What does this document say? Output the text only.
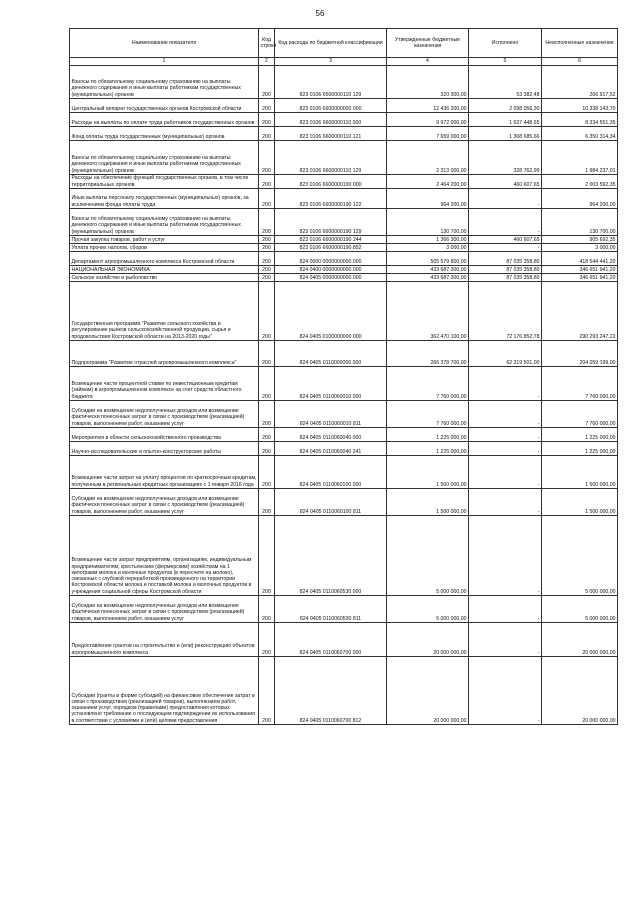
56
Наименование показателя	Код строки	Код расхода по бюджетной классификации	Утвержденные бюджетные назначения	Исполнено	Неисполненные назначения
1	2	3	4	5	6
Взносы по обязательному социальному страхованию на выплаты денежного содержания и иные выплаты работникам государственных (муниципальных) органов	200	823 0106 6500000110 129	320 300,00	53 382,48	266 917,52
Центральный аппарат государственных органов Костромской области	200	823 0106 6600000000 000	12 436 200,00	2 098 056,30	10 338 143,70
Расходы на выплаты по оплате труда работников государственных органов	200	823 0106 6600000110 000	9 972 000,00	1 637 448,65	8 334 551,35
Фонд оплаты труда государственных (муниципальных) органов	200	823 0106 6600000110 121	7 659 000,00	1 308 685,66	6 350 314,34
Взносы по обязательному социальному страхованию на выплаты денежного содержания и иные выплаты работникам государственных (муниципальных) органов	200	823 0106 6600000110 129	2 313 000,00	328 762,99	1 984 237,01
Расходы на обеспечение функций государственных органов, в том числе территориальных органов	200	823 0106 6600000190 000	2 464 200,00	460 607,65	2 003 592,35
Иные выплаты персоналу государственных (муниципальных) органов, за исключением фонда оплаты труда	200	823 0106 6600000190 122	964 200,00	-	964 200,00
Взносы по обязательному социальному страхованию на выплаты денежного содержания и иные выплаты работникам государственных (муниципальных) органов	200	823 0106 6600000190 129	130 700,00	-	130 700,00
Прочая закупка товаров, работ и услуг	200	823 0106 6600000190 244	1 366 300,00	460 607,65	905 692,35
Уплата прочих налогов, сборов	200	823 0106 6600000190 852	3 000,00	-	3 000,00
Департамент агропромышленного комплекса Костромской области	200	824 0000 0000000000 000	505 579 800,00	87 035 358,80	418 544 441,20
НАЦИОНАЛЬНАЯ ЭКОНОМИКА	200	824 0400 0000000000 000	433 687 300,00	87 035 358,80	346 651 941,20
Сельское хозяйство и рыболовство	200	824 0405 0000000000 000	433 687 300,00	87 035 358,80	346 651 941,20
Государственная программа "Развитие сельского хозяйства и регулирование рынков сельскохозяйственной продукции, сырья и продовольствия Костромской области на 2013-2020 годы"	200	824 0405 0100000000 000	362 470 100,00	72 176 852,78	290 293 247,22
Подпрограмма "Развитие отраслей агропромышленного комплекса"	200	824 0405 0110000000 000	266 378 700,00	62 319 501,00	204 059 199,00
Возмещение части процентной ставки по инвестиционным кредитам (займам) в агропромышленном комплексе за счет средств областного бюджета	200	824 0405 0110060010 000	7 760 000,00	-	7 760 000,00
Субсидии на возмещение недополученных доходов или возмещение фактически понесенных затрат в связи с производством (реализацией) товаров, выполнением работ, оказанием услуг	200	824 0405 0110060010 811	7 760 000,00	-	7 760 000,00
Мероприятия в области сельскохозяйственного производства	200	824 0405 0110060040 000	1 225 000,00	-	1 225 000,00
Научно-исследовательские и опытно-конструкторские работы	200	824 0405 0110060040 241	1 225 000,00	-	1 225 000,00
Возмещение части затрат на уплату процентов по краткосрочным кредитам, полученным в региональных кредитных организациях с 1 января 2016 года	200	824 0405 0110060100 000	1 500 000,00	-	1 500 000,00
Субсидии на возмещение недополученных доходов или возмещение фактически понесенных затрат в связи с производством (реализацией) товаров, выполнением работ, оказанием услуг	200	824 0405 0110060100 811	1 500 000,00	-	1 500 000,00
Возмещение части затрат предприятиям, организациям, индивидуальным предпринимателям, крестьянским (фермерским) хозяйствам на 1 килограмм молока и молочных продуктов (в пересчете на молоко), связанных с глубокой переработкой произведенного на территории Костромской области молока и поставкой молока и молочных продуктов в учреждения социальной сферы Костромской области	200	824 0405 0110060530 000	5 000 000,00	-	5 000 000,00
Субсидии на возмещение недополученных доходов или возмещение фактически понесенных затрат в связи с производством (реализацией) товаров, выполнением работ, оказанием услуг	200	824 0405 0110060530 811	5 000 000,00	-	5 000 000,00
Предоставление грантов на строительство и (или) реконструкцию объектов агропромышленного комплекса	200	824 0405 0110060700 000	20 000 000,00	-	20 000 000,00
Субсидии (гранты в форме субсидий) на финансовое обеспечение затрат в связи с производством (реализацией товаров), выполнением работ, оказанием услуг, порядком (правилами) предоставления которых установлено требование о последующем подтверждении их использования в соответствии с условиями и (или) целями предоставления	200	824 0405 0110060700 812	20 000 000,00	-	20 000 000,00
